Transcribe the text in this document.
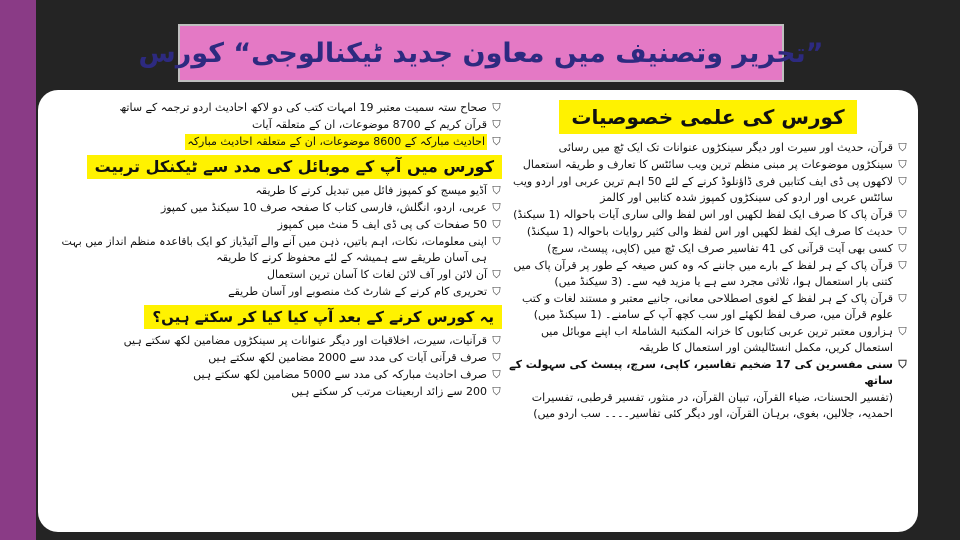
”تحریر وتصنیف میں معاون جدید ٹیکنالوجی“ کورس
⛉
صحاح ستہ سمیت معتبر 19 امہات کتب کی دو لاکھ احادیث اردو ترجمہ کے ساتھ
⛉
قرآن کریم کے 8700 موضوعات، ان کے متعلقہ آیات
⛉
احادیث مبارکہ کے 8600 موضوعات، ان کے متعلقہ احادیث مبارکہ
کورس میں آپ کے موبائل کی مدد سے ٹیکنکل تربیت
⛉
آڈیو میسج کو کمپوز فائل میں تبدیل کرنے کا طریقہ
⛉
عربی، اردو، انگلش، فارسی کتاب کا صفحہ صرف 10 سیکنڈ میں کمپوز
⛉
50 صفحات کی پی ڈی ایف 5 منٹ میں کمپوز
⛉
اپنی معلومات، نکات، اہم باتیں، ذہن میں آنے والے آئیڈیاز کو ایک باقاعدہ منظم انداز میں بہت ہی آسان طریقے سے ہمیشہ کے لئے محفوظ کرنے کا طریقہ
⛉
آن لائن اور آف لائن لغات کا آسان ترین استعمال
⛉
تحریری کام کرنے کے شارٹ کٹ منصوبے اور آسان طریقے
یہ کورس کرنے کے بعد آپ کیا کیا کر سکتے ہیں؟
⛉
قرآنیات، سیرت، اخلاقیات اور دیگر عنوانات پر سینکڑوں مضامین لکھ سکتے ہیں
⛉
صرف قرآنی آیات کی مدد سے 2000 مضامین لکھ سکتے ہیں
⛉
صرف احادیث مبارکہ کی مدد سے 5000 مضامین لکھ سکتے ہیں
⛉
200 سے زائد اربعینات مرتب کر سکتے ہیں
کورس کی علمی خصوصیات
⛉
قرآن، حدیث اور سیرت اور دیگر سینکڑوں عنوانات تک ایک ٹچ میں رسائی
⛉
سینکڑوں موضوعات پر مبنی منظم ترین ویب سائٹس کا تعارف و طریقہ استعمال
⛉
لاکھوں پی ڈی ایف کتابیں فری ڈاؤنلوڈ کرنے کے لئے 50 اہم ترین عربی اور اردو ویب سائٹس عربی اور اردو کی سینکڑوں کمپوز شدہ کتابیں اور کالمز
⛉
قرآن پاک کا صرف ایک لفظ لکھیں اور اس لفظ والی ساری آیات باحوالہ (1 سیکنڈ)
⛉
حدیث کا صرف ایک لفظ لکھیں اور اس لفظ والی کثیر روایات باحوالہ (1 سیکنڈ)
⛉
کسی بھی آیت قرآنی کی 41 تفاسیر صرف ایک ٹچ میں (کاپی، پیسٹ، سرچ)
⛉
قرآن پاک کے ہر لفظ کے بارے میں جاننے کہ وہ کس صیغہ کے طور پر قرآن پاک میں کتنی بار استعمال ہوا، ثلاثی مجرد سے ہے یا مزید فیہ سے۔ (3 سیکنڈ میں)
⛉
قرآن پاک کے ہر لفظ کے لغوی اصطلاحی معانی، جانیے معتبر و مستند لغات و کتب علوم قرآن میں، صرف لفظ لکھئے اور سب کچھ آپ کے سامنے۔ (1 سیکنڈ میں)
⛉
ہزاروں معتبر ترین عربی کتابوں کا خزانہ المکتبۃ الشاملۃ اب اپنے موبائل میں استعمال کریں، مکمل انسٹالیشن اور استعمال کا طریقہ
⛉
سنی مفسرین کی 17 ضخیم تفاسیر، کاپی، سرچ، پیسٹ کی سہولت کے ساتھ
(تفسیر الحسنات، ضیاء القرآن، تبیان القرآن، در منثور، تفسیر قرطبی، تفسیرات احمدیہ، جلالین، بغوی، برہان القرآن، اور دیگر کئی تفاسیر۔۔۔۔ سب اردو میں)
